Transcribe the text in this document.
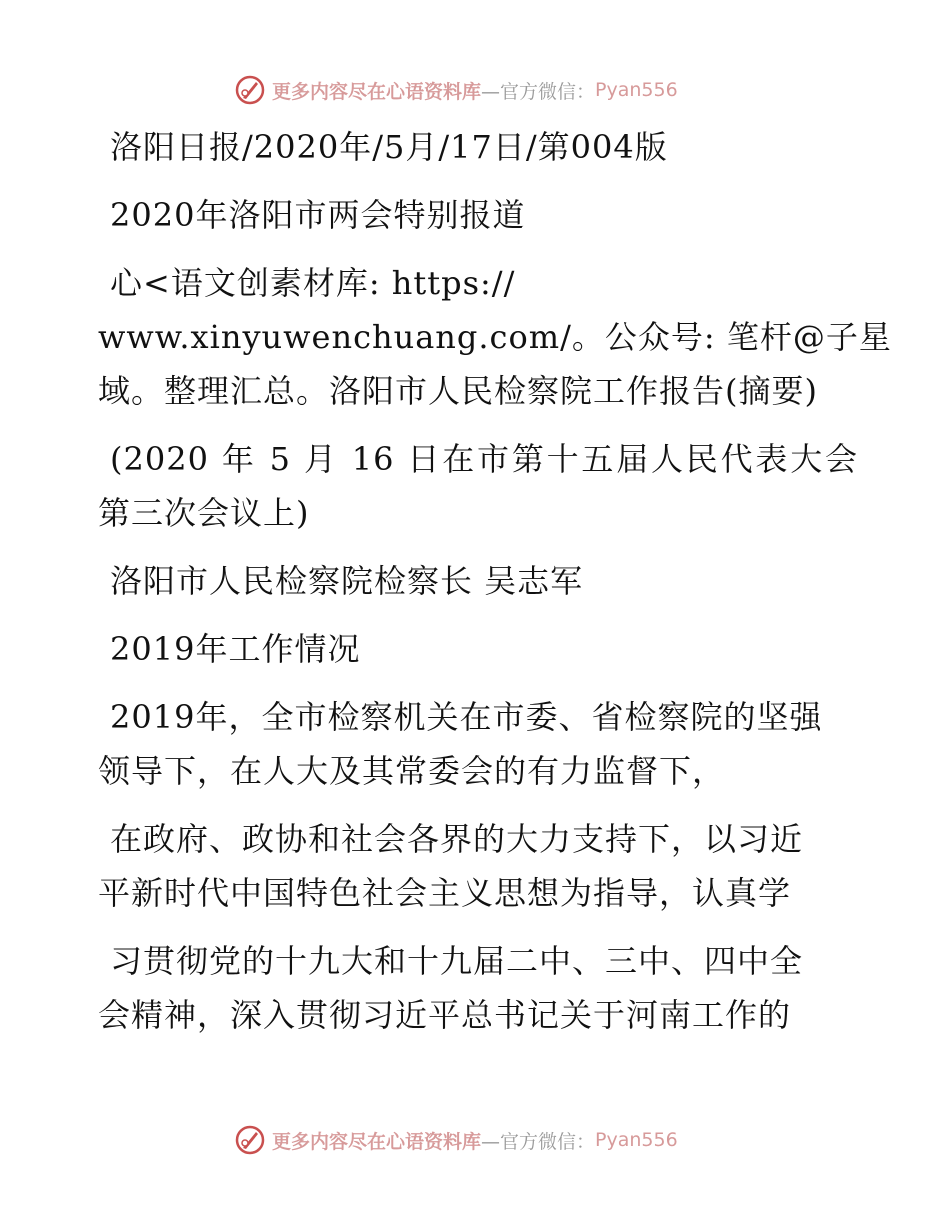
更多内容尽在心语资料库 —官方微信： Pyan556
洛阳日报/2020年/5月/17日/第004版
2020年洛阳市两会特别报道
心<语文创素材库: https://
www.xinyuwenchuang.com/。公众号: 笔杆@子星
域。整理汇总。洛阳市人民检察院工作报告(摘要)
(2020 年 5 月 16 日在市第十五届人民代表大会
第三次会议上)
洛阳市人民检察院检察长 吴志军
2019年工作情况
2019年，全市检察机关在市委、省检察院的坚强
领导下，在人大及其常委会的有力监督下，
在政府、政协和社会各界的大力支持下，以习近
平新时代中国特色社会主义思想为指导，认真学
习贯彻党的十九大和十九届二中、三中、四中全
会精神，深入贯彻习近平总书记关于河南工作的
更多内容尽在心语资料库 —官方微信： Pyan556
